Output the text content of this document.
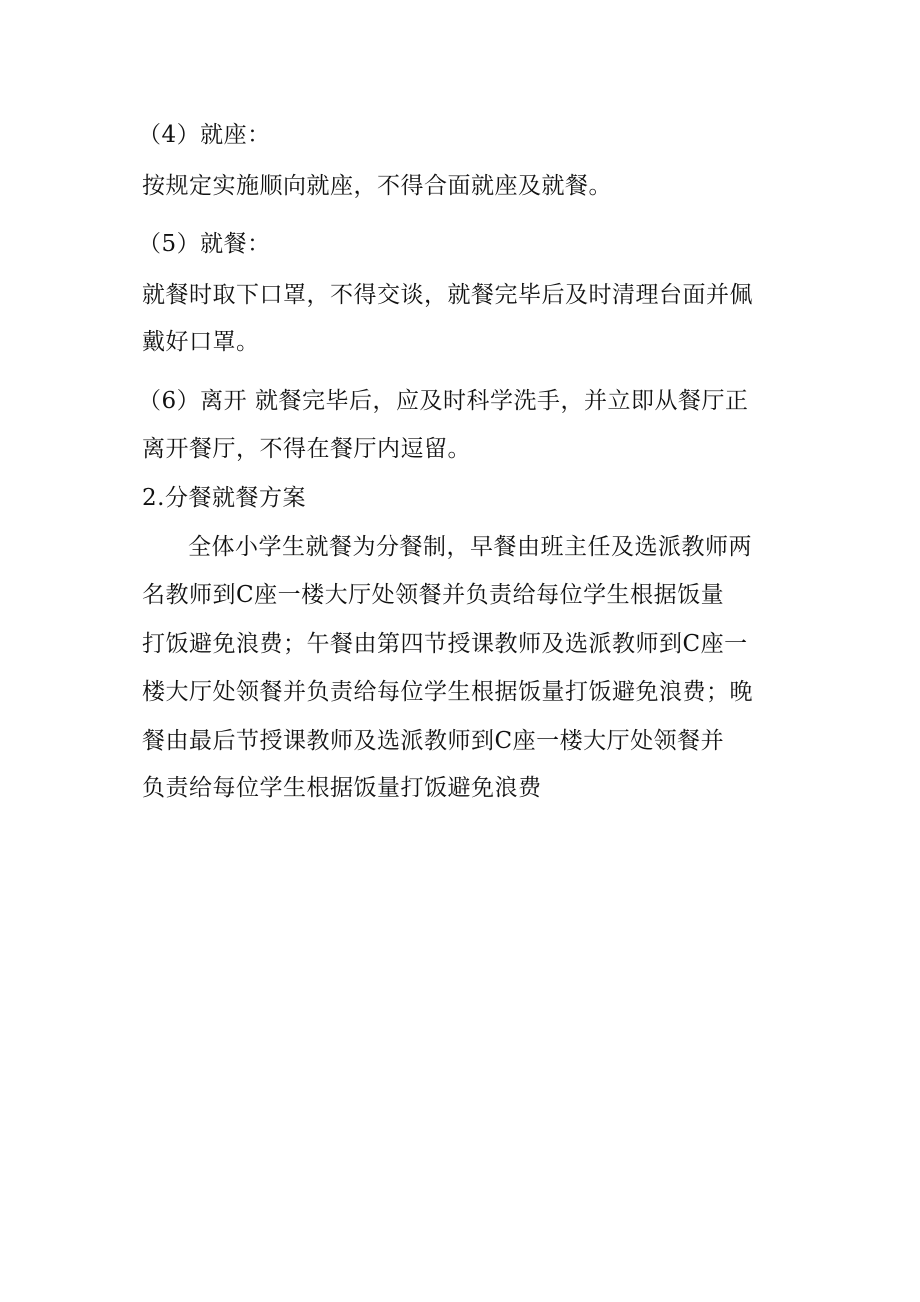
（4）就座：
按规定实施顺向就座，不得合面就座及就餐。
（5）就餐：
就餐时取下口罩，不得交谈，就餐完毕后及时清理台面并佩
戴好口罩。
（6）离开 就餐完毕后，应及时科学洗手，并立即从餐厅正
离开餐厅，不得在餐厅内逗留。
2.分餐就餐方案
全体小学生就餐为分餐制，早餐由班主任及选派教师两
名教师到C座一楼大厅处领餐并负责给每位学生根据饭量
打饭避免浪费；午餐由第四节授课教师及选派教师到C座一
楼大厅处领餐并负责给每位学生根据饭量打饭避免浪费；晚
餐由最后节授课教师及选派教师到C座一楼大厅处领餐并
负责给每位学生根据饭量打饭避免浪费
